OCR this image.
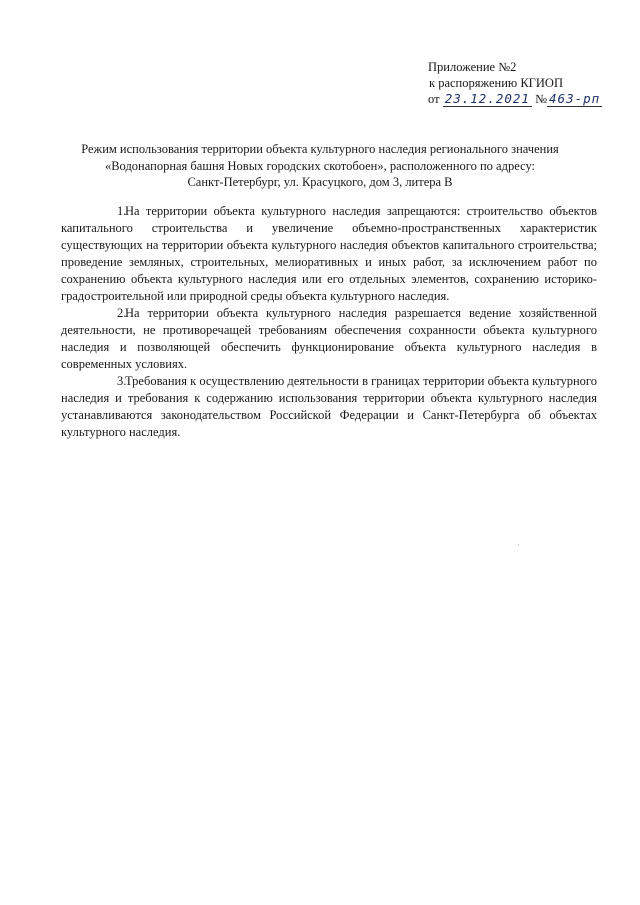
Приложение №2
к распоряжению КГИОП
от 23.12.2021 № 463-рп
Режим использования территории объекта культурного наследия регионального значения
«Водонапорная башня Новых городских скотобоен», расположенного по адресу:
Санкт-Петербург, ул. Красуцкого, дом 3, литера В

1.На территории объекта культурного наследия запрещаются: строительство объектов капитального строительства и увеличение объемно-пространственных характеристик существующих на территории объекта культурного наследия объектов капитального строительства; проведение земляных, строительных, мелиоративных и иных работ, за исключением работ по сохранению объекта культурного наследия или его отдельных элементов, сохранению историко-градостроительной или природной среды объекта культурного наследия.

2.На территории объекта культурного наследия разрешается ведение хозяйственной деятельности, не противоречащей требованиям обеспечения сохранности объекта культурного наследия и позволяющей обеспечить функционирование объекта культурного наследия в современных условиях.

3.Требования к осуществлению деятельности в границах территории объекта культурного наследия и требования к содержанию использования территории объекта культурного наследия устанавливаются законодательством Российской Федерации и Санкт-Петербурга об объектах культурного наследия.
